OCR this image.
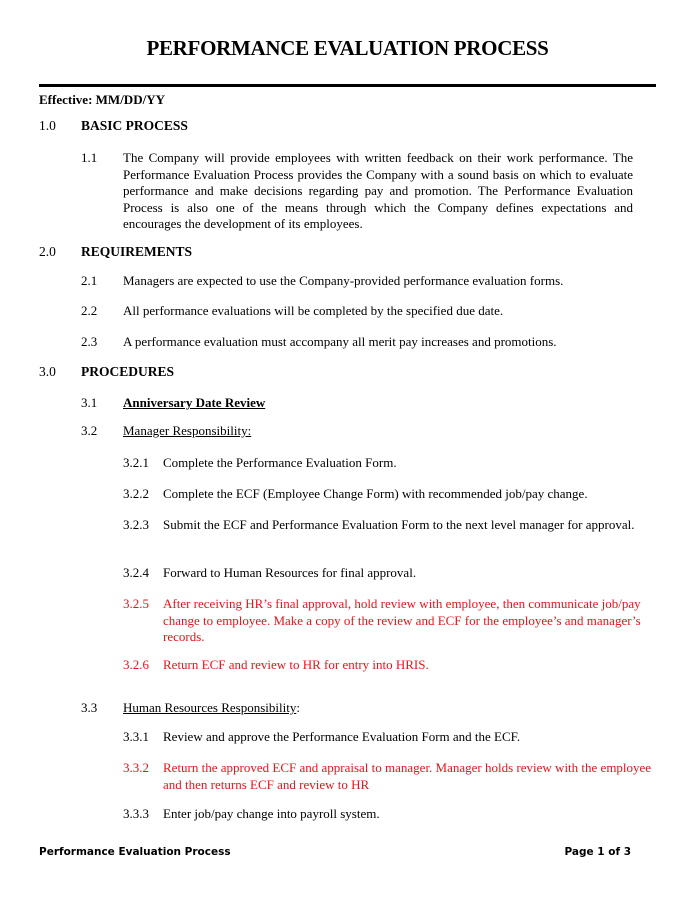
PERFORMANCE EVALUATION PROCESS
Effective: MM/DD/YY
1.0 BASIC PROCESS
1.1 The Company will provide employees with written feedback on their work performance. The Performance Evaluation Process provides the Company with a sound basis on which to evaluate performance and make decisions regarding pay and promotion. The Performance Evaluation Process is also one of the means through which the Company defines expectations and encourages the development of its employees.
2.0 REQUIREMENTS
2.1 Managers are expected to use the Company-provided performance evaluation forms.
2.2 All performance evaluations will be completed by the specified due date.
2.3 A performance evaluation must accompany all merit pay increases and promotions.
3.0 PROCEDURES
3.1 Anniversary Date Review
3.2 Manager Responsibility:
3.2.1 Complete the Performance Evaluation Form.
3.2.2 Complete the ECF (Employee Change Form) with recommended job/pay change.
3.2.3 Submit the ECF and Performance Evaluation Form to the next level manager for approval.
3.2.4 Forward to Human Resources for final approval.
3.2.5 After receiving HR’s final approval, hold review with employee, then communicate job/pay change to employee. Make a copy of the review and ECF for the employee’s and manager’s records.
3.2.6 Return ECF and review to HR for entry into HRIS.
3.3 Human Resources Responsibility:
3.3.1 Review and approve the Performance Evaluation Form and the ECF.
3.3.2 Return the approved ECF and appraisal to manager. Manager holds review with the employee and then returns ECF and review to HR
3.3.3 Enter job/pay change into payroll system.
Performance Evaluation Process	Page 1 of 3
